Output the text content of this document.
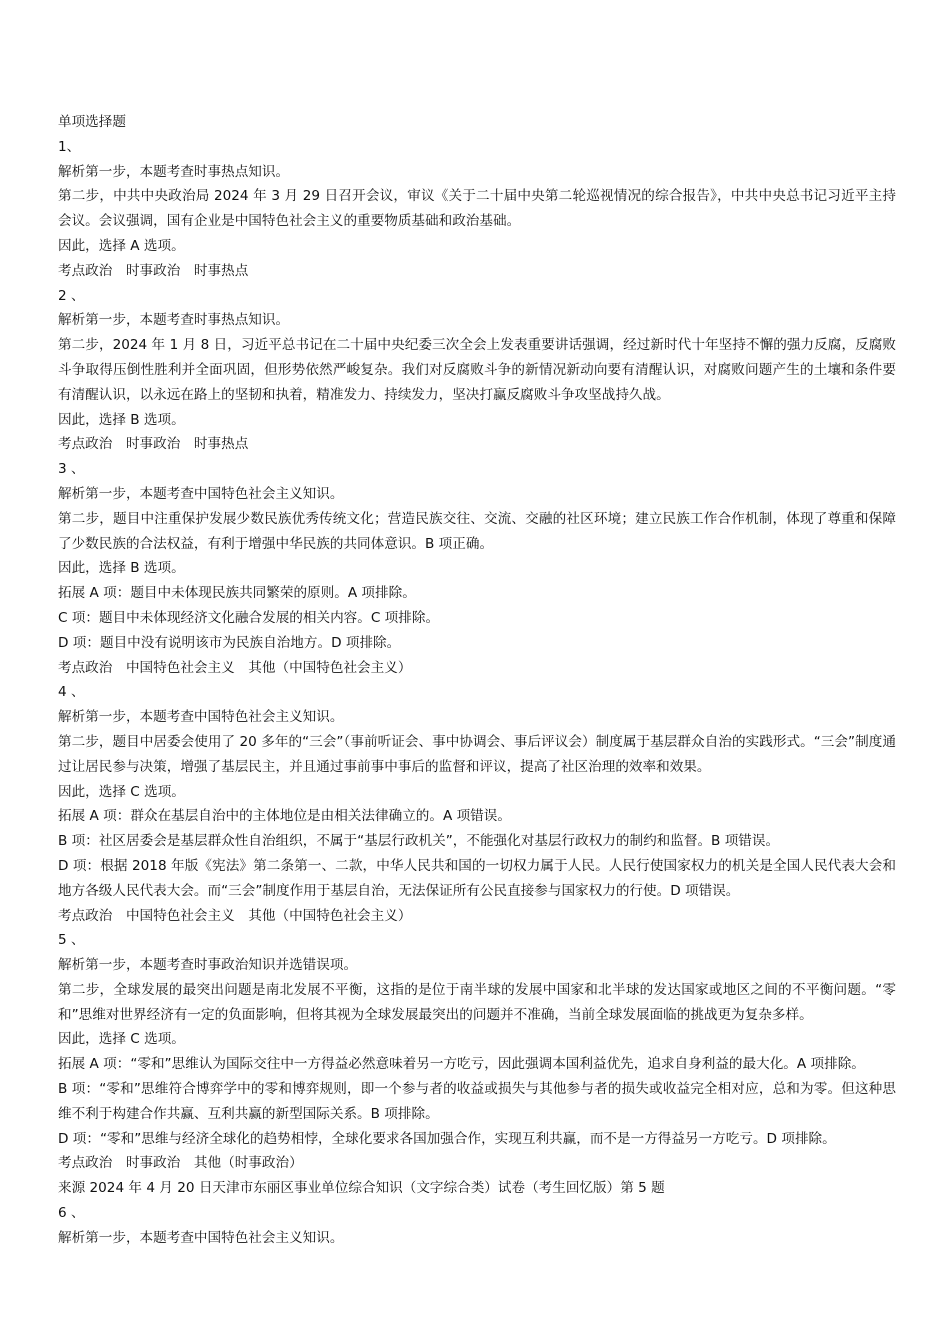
单项选择题

1、

解析第一步，本题考查时事热点知识。

第二步，中共中央政治局 2024 年 3 月 29 日召开会议，审议《关于二十届中央第二轮巡视情况的综合报告》，中共中央总书记习近平主持会议。会议强调，国有企业是中国特色社会主义的重要物质基础和政治基础。

因此，选择 A 选项。

考点政治　时事政治　时事热点

2 、

解析第一步，本题考查时事热点知识。

第二步，2024 年 1 月 8 日，习近平总书记在二十届中央纪委三次全会上发表重要讲话强调，经过新时代十年坚持不懈的强力反腐，反腐败斗争取得压倒性胜利并全面巩固，但形势依然严峻复杂。我们对反腐败斗争的新情况新动向要有清醒认识，对腐败问题产生的土壤和条件要有清醒认识，以永远在路上的坚韧和执着，精准发力、持续发力，坚决打赢反腐败斗争攻坚战持久战。

因此，选择 B 选项。

考点政治　时事政治　时事热点

3 、

解析第一步，本题考查中国特色社会主义知识。

第二步，题目中注重保护发展少数民族优秀传统文化；营造民族交往、交流、交融的社区环境；建立民族工作合作机制，体现了尊重和保障了少数民族的合法权益，有利于增强中华民族的共同体意识。B 项正确。

因此，选择 B 选项。

拓展 A 项：题目中未体现民族共同繁荣的原则。A 项排除。

C 项：题目中未体现经济文化融合发展的相关内容。C 项排除。

D 项：题目中没有说明该市为民族自治地方。D 项排除。

考点政治　中国特色社会主义　其他（中国特色社会主义）

4 、

解析第一步，本题考查中国特色社会主义知识。

第二步，题目中居委会使用了 20 多年的“三会”（事前听证会、事中协调会、事后评议会）制度属于基层群众自治的实践形式。“三会”制度通过让居民参与决策，增强了基层民主，并且通过事前事中事后的监督和评议，提高了社区治理的效率和效果。

因此，选择 C 选项。

拓展 A 项：群众在基层自治中的主体地位是由相关法律确立的。A 项错误。

B 项：社区居委会是基层群众性自治组织，不属于“基层行政机关”，不能强化对基层行政权力的制约和监督。B 项错误。

D 项：根据 2018 年版《宪法》第二条第一、二款，中华人民共和国的一切权力属于人民。人民行使国家权力的机关是全国人民代表大会和地方各级人民代表大会。而“三会”制度作用于基层自治，无法保证所有公民直接参与国家权力的行使。D 项错误。

考点政治　中国特色社会主义　其他（中国特色社会主义）

5 、

解析第一步，本题考查时事政治知识并选错误项。

第二步，全球发展的最突出问题是南北发展不平衡，这指的是位于南半球的发展中国家和北半球的发达国家或地区之间的不平衡问题。“零和”思维对世界经济有一定的负面影响，但将其视为全球发展最突出的问题并不准确，当前全球发展面临的挑战更为复杂多样。

因此，选择 C 选项。

拓展 A 项：“零和”思维认为国际交往中一方得益必然意味着另一方吃亏，因此强调本国利益优先，追求自身利益的最大化。A 项排除。

B 项：“零和”思维符合博弈学中的零和博弈规则，即一个参与者的收益或损失与其他参与者的损失或收益完全相对应，总和为零。但这种思维不利于构建合作共赢、互利共赢的新型国际关系。B 项排除。

D 项：“零和”思维与经济全球化的趋势相悖，全球化要求各国加强合作，实现互利共赢，而不是一方得益另一方吃亏。D 项排除。

考点政治　时事政治　其他（时事政治）

来源 2024 年 4 月 20 日天津市东丽区事业单位综合知识（文字综合类）试卷（考生回忆版）第 5 题

6 、

解析第一步，本题考查中国特色社会主义知识。
